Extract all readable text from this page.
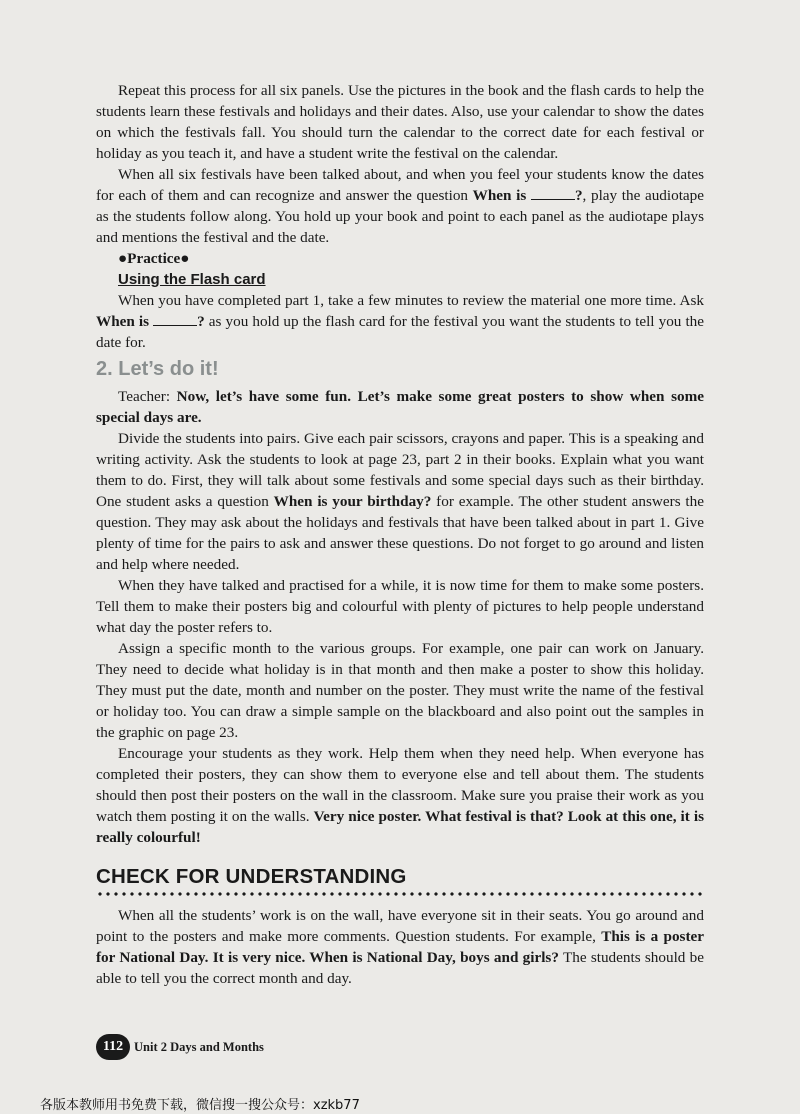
Repeat this process for all six panels. Use the pictures in the book and the flash cards to help the students learn these festivals and holidays and their dates. Also, use your calendar to show the dates on which the festivals fall. You should turn the calendar to the correct date for each festival or holiday as you teach it, and have a student write the festival on the calendar.

When all six festivals have been talked about, and when you feel your students know the dates for each of them and can recognize and answer the question When is	?, play the audiotape as the students follow along. You hold up your book and point to each panel as the audiotape plays and mentions the festival and the date.

●Practice●
Using the Flash card

When you have completed part 1, take a few minutes to review the material one more time. Ask When is	? as you hold up the flash card for the festival you want the students to tell you the date for.

2. Let’s do it!

Teacher: Now, let’s have some fun. Let’s make some great posters to show when some special days are.

Divide the students into pairs. Give each pair scissors, crayons and paper. This is a speaking and writing activity. Ask the students to look at page 23, part 2 in their books. Explain what you want them to do. First, they will talk about some festivals and some special days such as their birthday. One student asks a question When is your birthday? for example. The other student answers the question. They may ask about the holidays and festivals that have been talked about in part 1. Give plenty of time for the pairs to ask and answer these questions. Do not forget to go around and listen and help where needed.

When they have talked and practised for a while, it is now time for them to make some posters. Tell them to make their posters big and colourful with plenty of pictures to help people understand what day the poster refers to.

Assign a specific month to the various groups. For example, one pair can work on January. They need to decide what holiday is in that month and then make a poster to show this holiday. They must put the date, month and number on the poster. They must write the name of the festival or holiday too. You can draw a simple sample on the blackboard and also point out the samples in the graphic on page 23.

Encourage your students as they work. Help them when they need help. When everyone has completed their posters, they can show them to everyone else and tell about them. The students should then post their posters on the wall in the classroom. Make sure you praise their work as you watch them posting it on the walls. Very nice poster. What festival is that? Look at this one, it is really colourful!

CHECK FOR UNDERSTANDING

When all the students’ work is on the wall, have everyone sit in their seats. You go around and point to the posters and make more comments. Question students. For example, This is a poster for National Day. It is very nice. When is National Day, boys and girls? The students should be able to tell you the correct month and day.

112 Unit 2 Days and Months
各版本教师用书免费下载，微信搜一搜公众号：xzkb77
